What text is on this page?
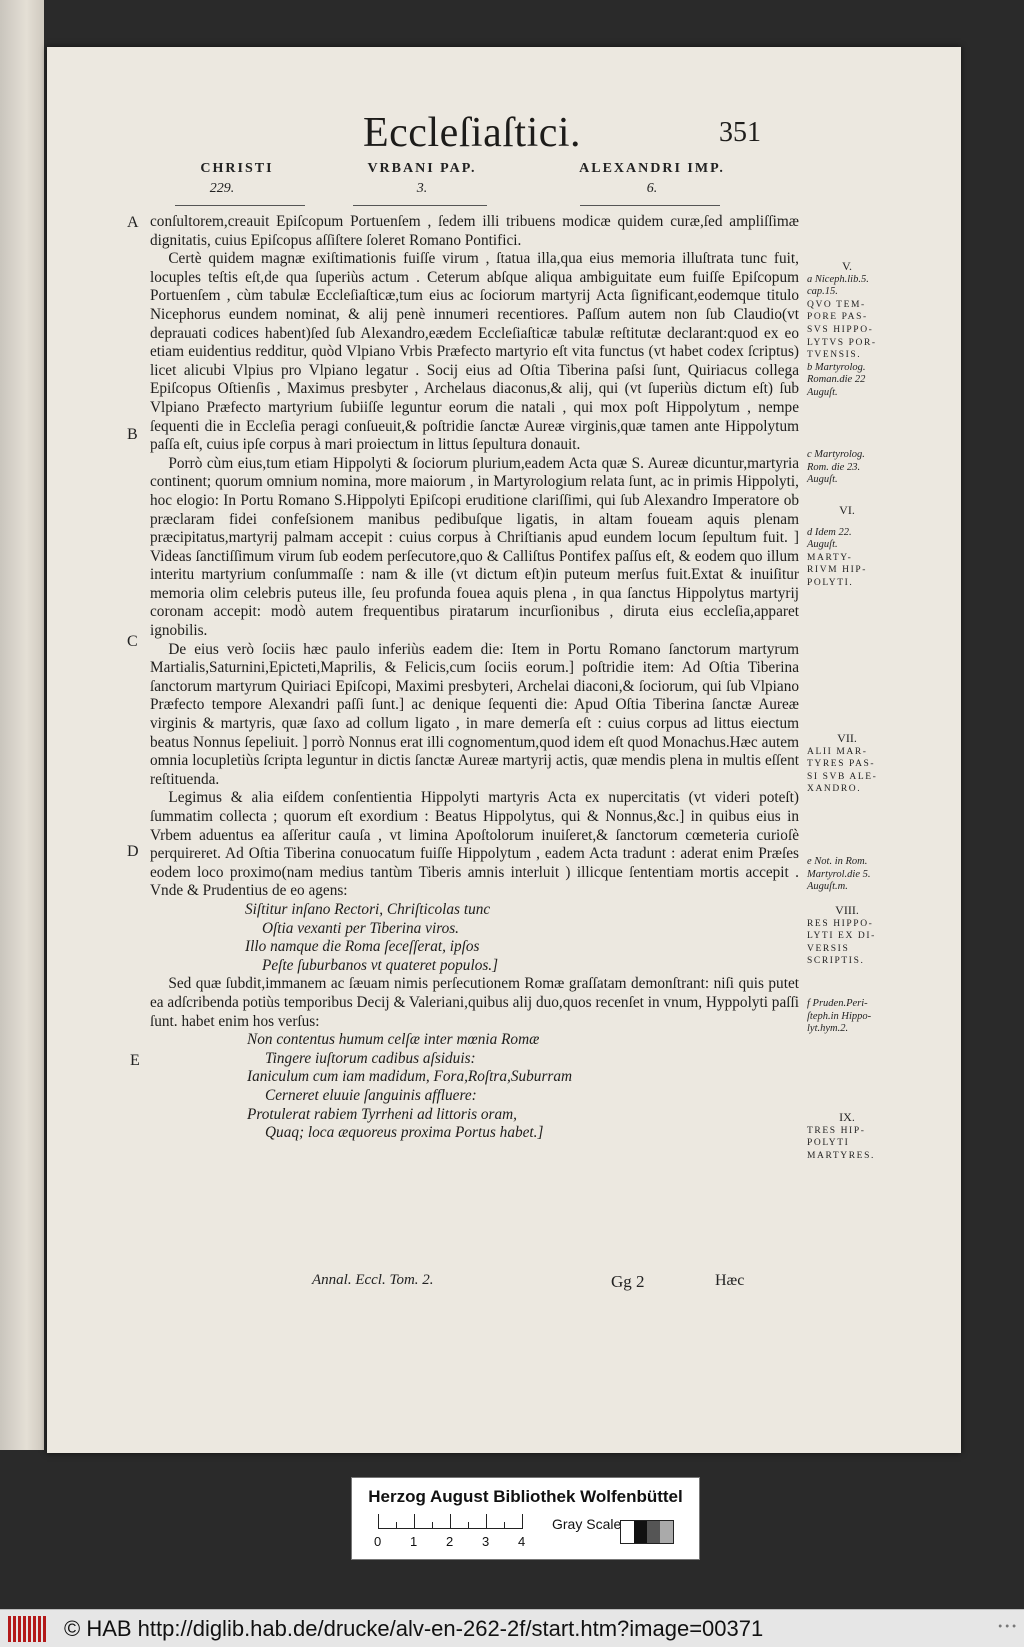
Eccleſiaſtici.	351
CHRISTI
229.
VRBANI PAP.
3.
ALEXANDRI IMP.
6.
A
B
C
D
E

conſultorem,creauit Epiſcopum Portuenſem , ſedem illi tribuens modicæ quidem curæ,ſed ampliſſimæ dignitatis, cuius Epiſcopus aſſiſtere ſoleret Romano Pontifici.

Certè quidem magnæ exiſtimationis fuiſſe virum , ſtatua illa,qua eius memoria illuſtrata tunc fuit, locuples teſtis eſt,de qua ſuperiùs actum . Ceterum abſque aliqua ambiguitate eum fuiſſe Epiſcopum Portuenſem , cùm tabulæ Eccleſiaſticæ,tum eius ac ſociorum martyrij Acta ſignificant,eodemque titulo Nicephorus eundem nominat, & alij penè innumeri recentiores. Paſſum autem non ſub Claudio(vt deprauati codices habent)ſed ſub Alexandro,eædem Eccleſiaſticæ tabulæ reſtitutæ declarant:quod ex eo etiam euidentius redditur, quòd Vlpiano Vrbis Præfecto martyrio eſt vita functus (vt habet codex ſcriptus) licet alicubi Vlpius pro Vlpiano legatur . Socij eius ad Oſtia Tiberina paſsi ſunt, Quiriacus collega Epiſcopus Oſtienſis , Maximus presbyter , Archelaus diaconus,& alij, qui (vt ſuperiùs dictum eſt) ſub Vlpiano Præfecto martyrium ſubiiſſe leguntur eorum die natali , qui mox poſt Hippolytum , nempe ſequenti die in Eccleſia peragi conſueuit,& poſtridie ſanctæ Aureæ virginis,quæ tamen ante Hippolytum paſſa eſt, cuius ipſe corpus à mari proiectum in littus ſepultura donauit.

Porrò cùm eius,tum etiam Hippolyti & ſociorum plurium,eadem Acta quæ S. Aureæ dicuntur,martyria continent; quorum omnium nomina, more maiorum , in Martyrologium relata ſunt, ac in primis Hippolyti, hoc elogio: In Portu Romano S.Hippolyti Epiſcopi eruditione clariſſimi, qui ſub Alexandro Imperatore ob præclaram fidei confeſsionem manibus pedibuſque ligatis, in altam foueam aquis plenam præcipitatus,martyrij palmam accepit : cuius corpus à Chriſtianis apud eundem locum ſepultum fuit. ] Videas ſanctiſſimum virum ſub eodem perſecutore,quo & Calliſtus Pontifex paſſus eſt, & eodem quo illum interitu martyrium conſummaſſe : nam & ille (vt dictum eſt)in puteum merſus fuit.Extat & inuiſitur memoria olim celebris puteus ille, ſeu profunda fouea aquis plena , in qua ſanctus Hippolytus martyrij coronam accepit: modò autem frequentibus piratarum incurſionibus , diruta eius eccleſia,apparet ignobilis.

De eius verò ſociis hæc paulo inferiùs eadem die: Item in Portu Romano ſanctorum martyrum Martialis,Saturnini,Epicteti,Maprilis, & Felicis,cum ſociis eorum.] poſtridie item: Ad Oſtia Tiberina ſanctorum martyrum Quiriaci Epiſcopi, Maximi presbyteri, Archelai diaconi,& ſociorum, qui ſub Vlpiano Præfecto tempore Alexandri paſſi ſunt.] ac denique ſequenti die: Apud Oſtia Tiberina ſanctæ Aureæ virginis & martyris, quæ ſaxo ad collum ligato , in mare demerſa eſt : cuius corpus ad littus eiectum beatus Nonnus ſepeliuit. ] porrò Nonnus erat illi cognomentum,quod idem eſt quod Monachus.Hæc autem omnia locupletiùs ſcripta leguntur in dictis ſanctæ Aureæ martyrij actis, quæ mendis plena in multis eſſent reſtituenda.

Legimus & alia eiſdem conſentientia Hippolyti martyris Acta ex nupercitatis (vt videri poteſt) ſummatim collecta ; quorum eſt exordium : Beatus Hippolytus, qui & Nonnus,&c.] in quibus eius in Vrbem aduentus ea aſſeritur cauſa , vt limina Apoſtolorum inuiſeret,& ſanctorum cœmeteria curioſè perquireret. Ad Oſtia Tiberina conuocatum fuiſſe Hippolytum , eadem Acta tradunt : aderat enim Præſes eodem loco proximo(nam medius tantùm Tiberis amnis interluit ) illicque ſententiam mortis accepit . Vnde & Prudentius de eo agens:

Siſtitur inſano Rectori, Chriſticolas tunc
Oſtia vexanti per Tiberina viros.
Illo namque die Roma ſeceſſerat, ipſos
Peſte ſuburbanos vt quateret populos.]

Sed quæ ſubdit,immanem ac ſæuam nimis perſecutionem Romæ graſſatam demonſtrant: niſi quis putet ea adſcribenda potiùs temporibus Decij & Valeriani,quibus alij duo,quos recenſet in vnum, Hyppolyti paſſi ſunt. habet enim hos verſus:

Non contentus humum celſæ inter mœnia Romæ
Tingere iuſtorum cadibus aſsiduis:
Ianiculum cum iam madidum, Fora,Roſtra,Suburram
Cerneret eluuie ſanguinis affluere:
Protulerat rabiem Tyrrheni ad littoris oram,
Quaq; loca æquoreus proxima Portus habet.]
V.
a Niceph.lib.5.
cap.15.
QVO TEM-
PORE PAS-
SVS HIPPO-
LYTVS POR-
TVENSIS.
b Martyrolog.
Roman.die 22
Auguſt.
c Martyrolog.
Rom. die 23.
Auguſt.
VI.
d Idem 22.
Auguſt.
MARTY-
RIVM HIP-
POLYTI.
VII.
ALII MAR-
TYRES PAS-
SI SVB ALE-
XANDRO.
e Not. in Rom.
Martyrol.die 5.
Auguſt.m.
VIII.
RES HIPPO-
LYTI EX DI-
VERSIS
SCRIPTIS.
f Pruden.Peri-
ſteph.in Hippo-
lyt.hym.2.
IX.
TRES HIP-
POLYTI
MARTYRES.
Annal. Eccl. Tom. 2.	Gg 2	Hæc
Herzog August Bibliothek Wolfenbüttel
0 1 2 3 4
Gray Scale
© HAB http://diglib.hab.de/drucke/alv-en-262-2f/start.htm?image=00371	•••
